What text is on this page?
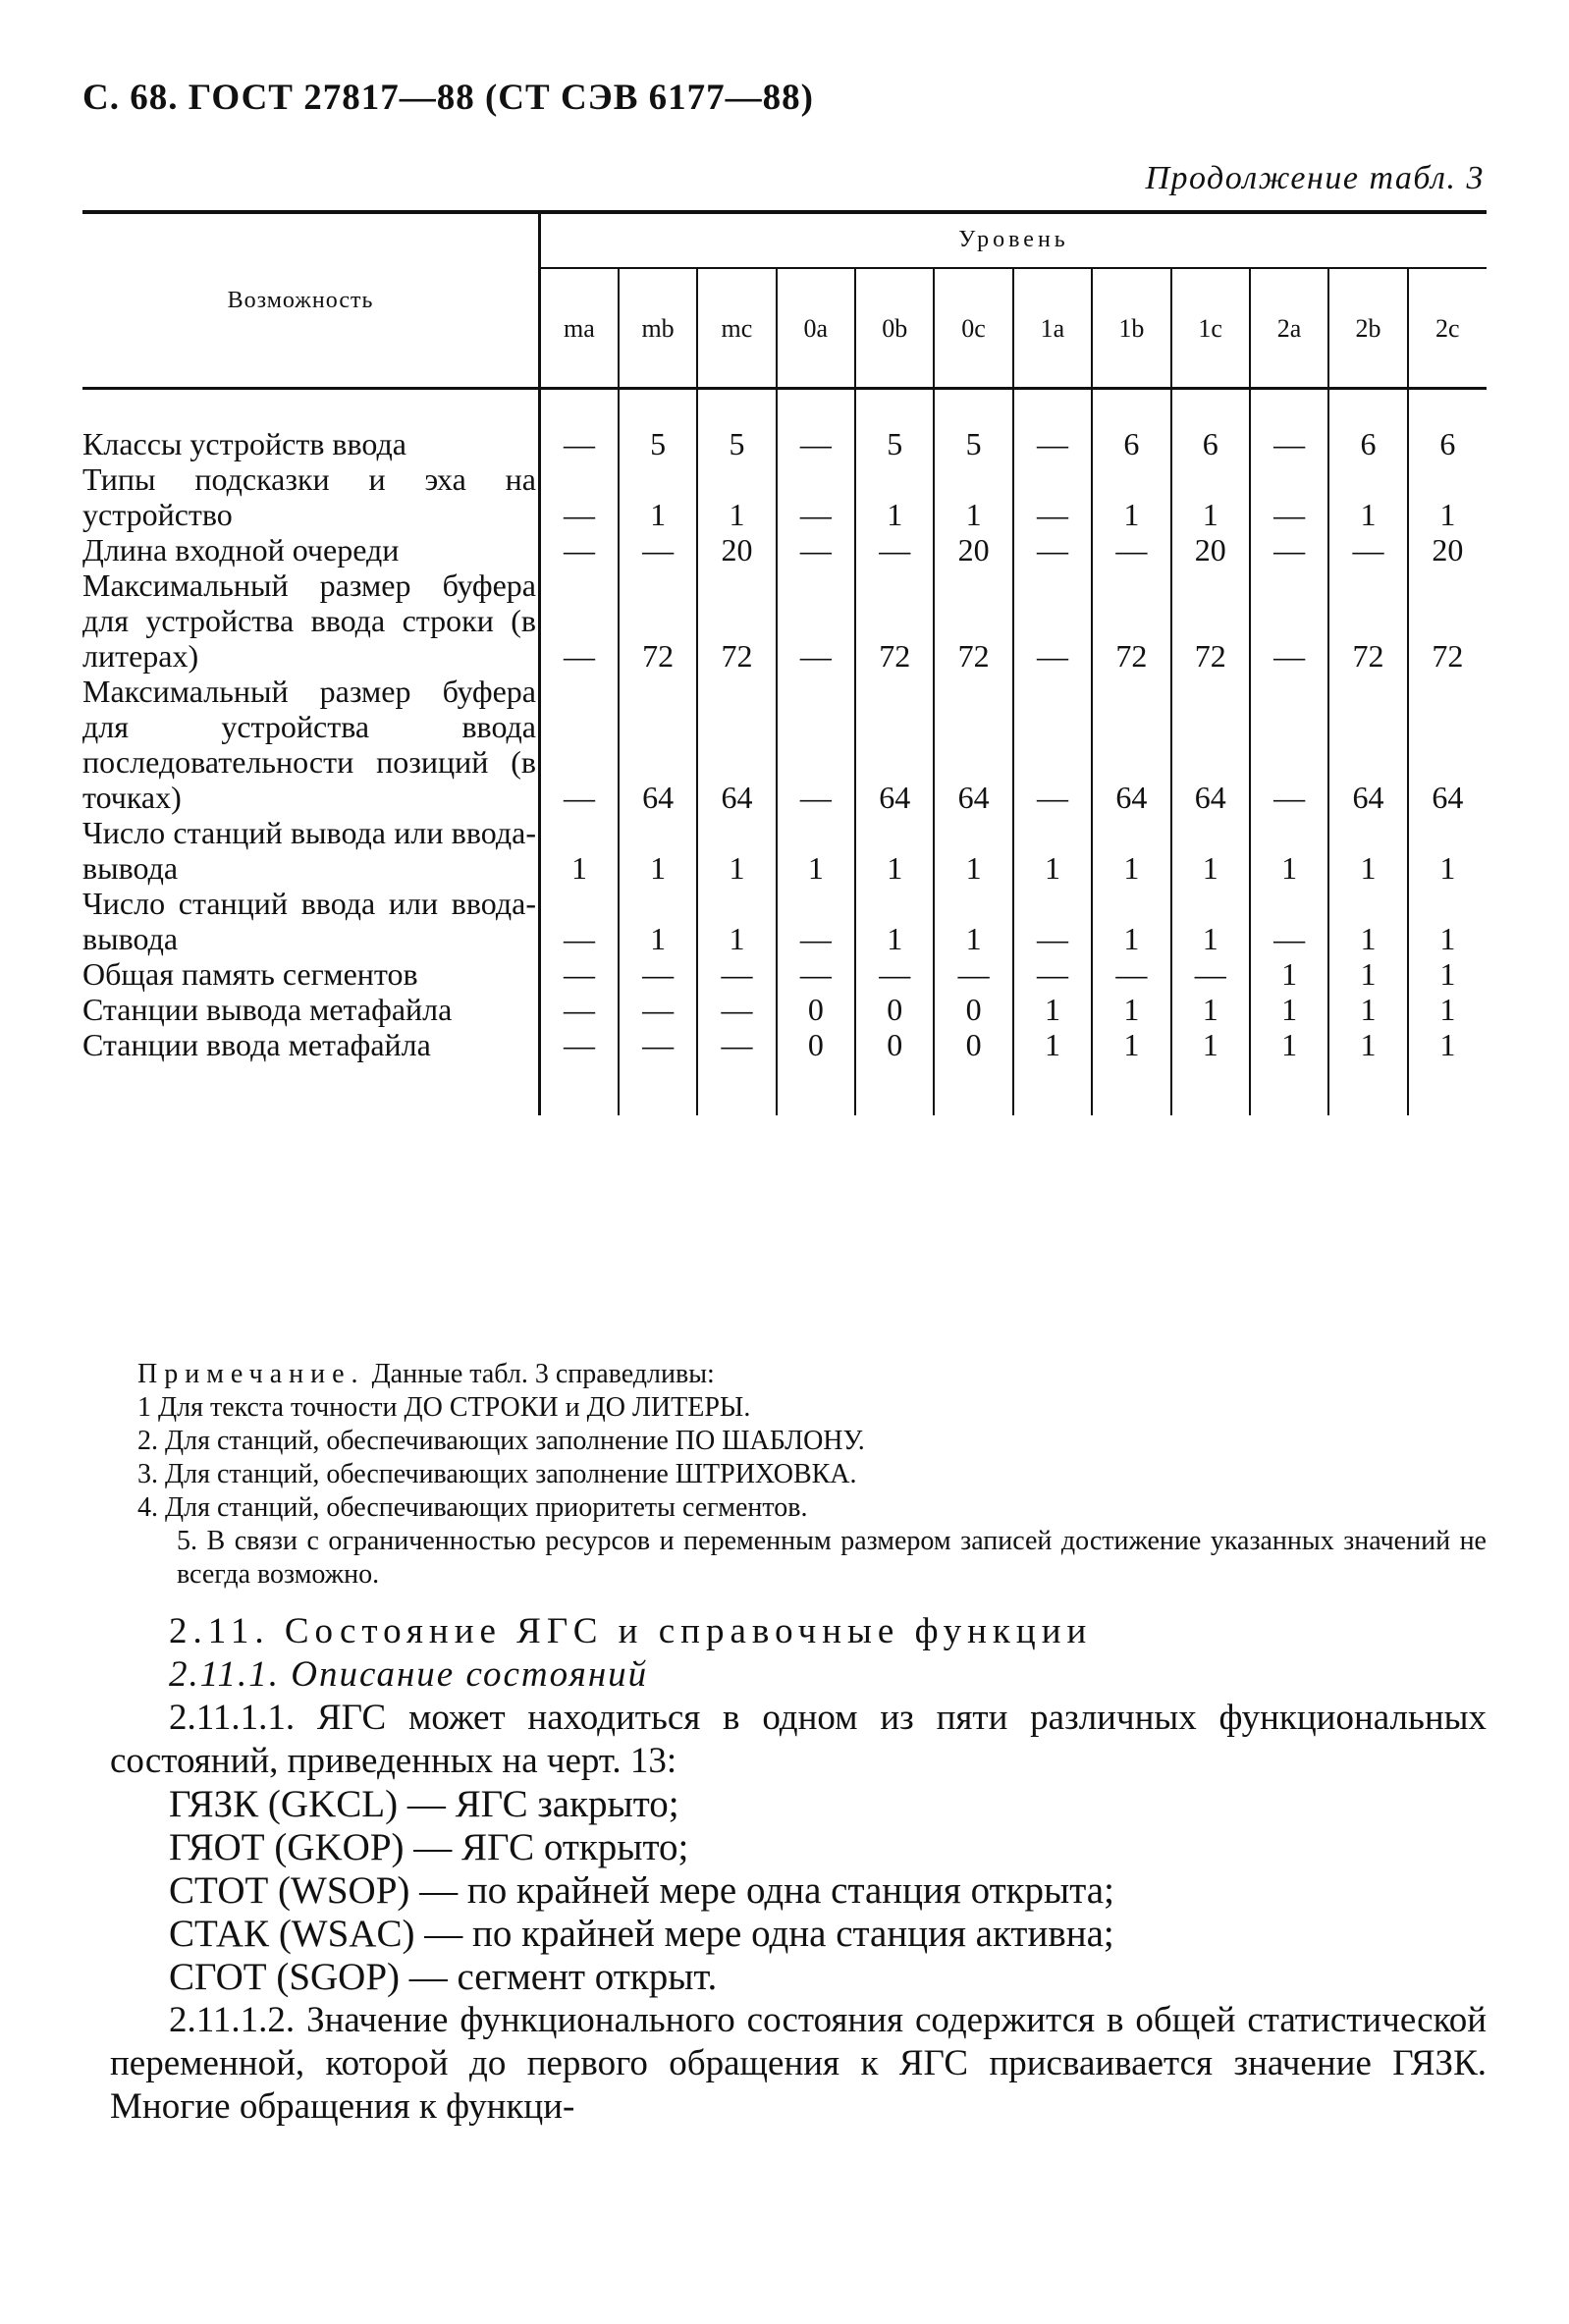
С. 68. ГОСТ 27817—88 (СТ СЭВ 6177—88)
Продолжение табл. 3
Возможность	Уровень											
	ma	mb	mc	0a	0b	0c	1a	1b	1c	2a	2b	2c

Классы устройств ввода	—	5	5	—	5	5	—	6	6	—	6	6
Типы подсказки и эха на устройство	—	1	1	—	1	1	—	1	1	—	1	1
Длина входной очереди	—	—	20	—	—	20	—	—	20	—	—	20
Максимальный размер буфера для устройства ввода строки (в литерах)	—	72	72	—	72	72	—	72	72	—	72	72
Максимальный размер буфера для устройства ввода последовательности позиций (в точках)	—	64	64	—	64	64	—	64	64	—	64	64
Число станций вывода или ввода-вывода	1	1	1	1	1	1	1	1	1	1	1	1
Число станций ввода или ввода-вывода	—	1	1	—	1	1	—	1	1	—	1	1
Общая память сегментов	—	—	—	—	—	—	—	—	—	1	1	1
Станции вывода метафайла	—	—	—	0	0	0	1	1	1	1	1	1
Станции ввода метафайла	—	—	—	0	0	0	1	1	1	1	1	1

Примечание. Данные табл. 3 справедливы:

1 Для текста точности ДО СТРОКИ и ДО ЛИТЕРЫ.

2. Для станций, обеспечивающих заполнение ПО ШАБЛОНУ.

3. Для станций, обеспечивающих заполнение ШТРИХОВКА.

4. Для станций, обеспечивающих приоритеты сегментов.

5. В связи с ограниченностью ресурсов и переменным размером записей достижение указанных значений не всегда возможно.

2.11. Состояние ЯГС и справочные функции

2.11.1. Описание состояний

2.11.1.1. ЯГС может находиться в одном из пяти различных функциональных состояний, приведенных на черт. 13:

ГЯЗК (GKCL) — ЯГС закрыто;

ГЯОТ (GKOP) — ЯГС открыто;

СТОТ (WSOP) — по крайней мере одна станция открыта;

СТАК (WSAC) — по крайней мере одна станция активна;

СГОТ (SGOP) — сегмент открыт.

2.11.1.2. Значение функционального состояния содержится в общей статистической переменной, которой до первого обращения к ЯГС присваивается значение ГЯЗК. Многие обращения к функци-
